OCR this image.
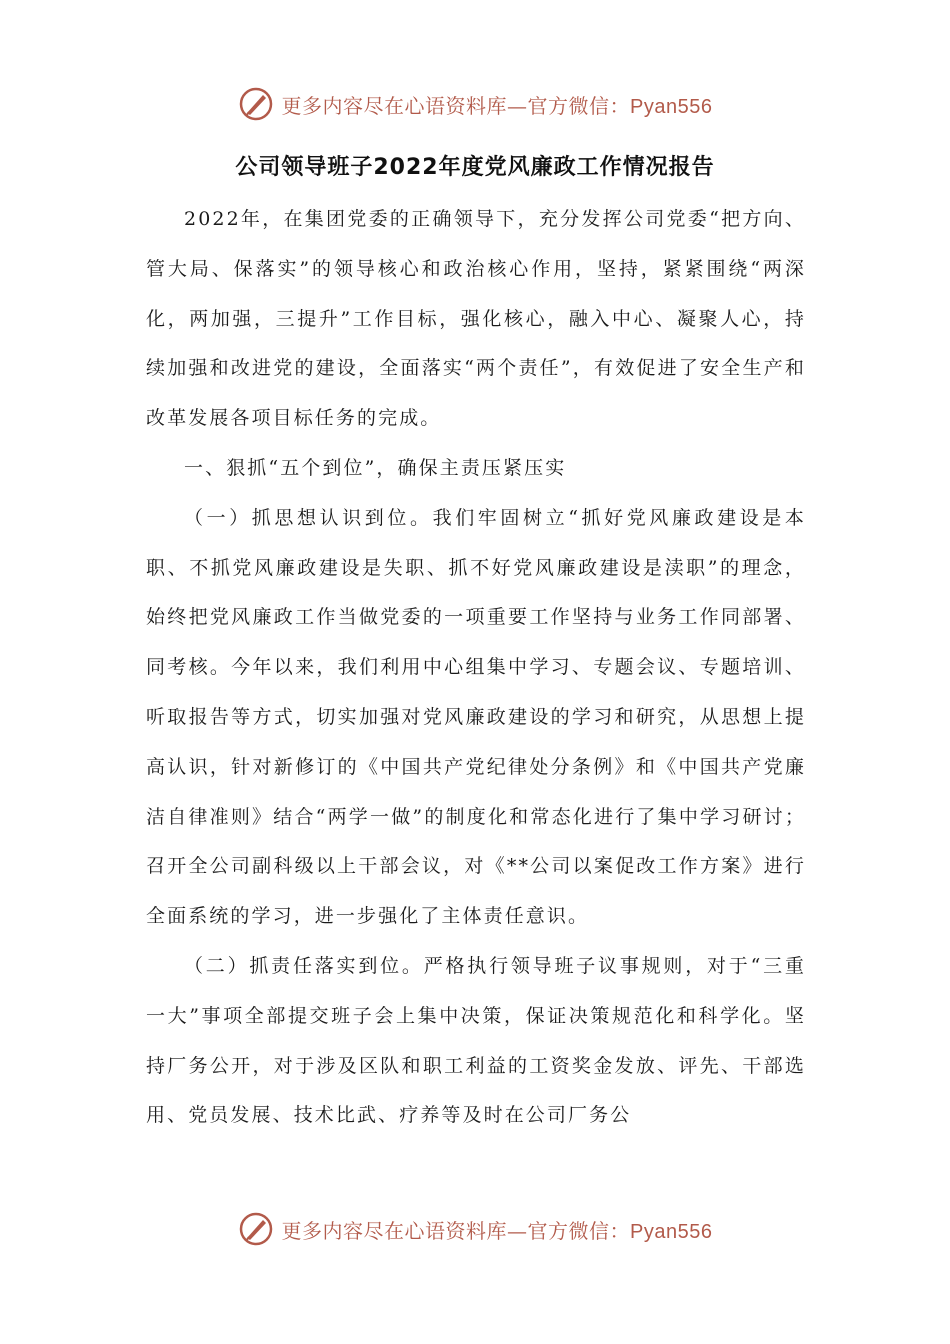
更多内容尽在心语资料库—官方微信：Pyan556
公司领导班子2022年度党风廉政工作情况报告

2022年，在集团党委的正确领导下，充分发挥公司党委“把方向、管大局、保落实”的领导核心和政治核心作用，坚持，紧紧围绕“两深化，两加强，三提升”工作目标，强化核心，融入中心、凝聚人心，持续加强和改进党的建设，全面落实“两个责任”，有效促进了安全生产和改革发展各项目标任务的完成。

一、狠抓“五个到位”，确保主责压紧压实

（一）抓思想认识到位。我们牢固树立“抓好党风廉政建设是本职、不抓党风廉政建设是失职、抓不好党风廉政建设是渎职”的理念，始终把党风廉政工作当做党委的一项重要工作坚持与业务工作同部署、同考核。今年以来，我们利用中心组集中学习、专题会议、专题培训、听取报告等方式，切实加强对党风廉政建设的学习和研究，从思想上提高认识，针对新修订的《中国共产党纪律处分条例》和《中国共产党廉洁自律准则》结合“两学一做”的制度化和常态化进行了集中学习研讨；召开全公司副科级以上干部会议，对《**公司以案促改工作方案》进行全面系统的学习，进一步强化了主体责任意识。

（二）抓责任落实到位。严格执行领导班子议事规则，对于“三重一大”事项全部提交班子会上集中决策，保证决策规范化和科学化。坚持厂务公开，对于涉及区队和职工利益的工资奖金发放、评先、干部选用、党员发展、技术比武、疗养等及时在公司厂务公

更多内容尽在心语资料库—官方微信：Pyan556
